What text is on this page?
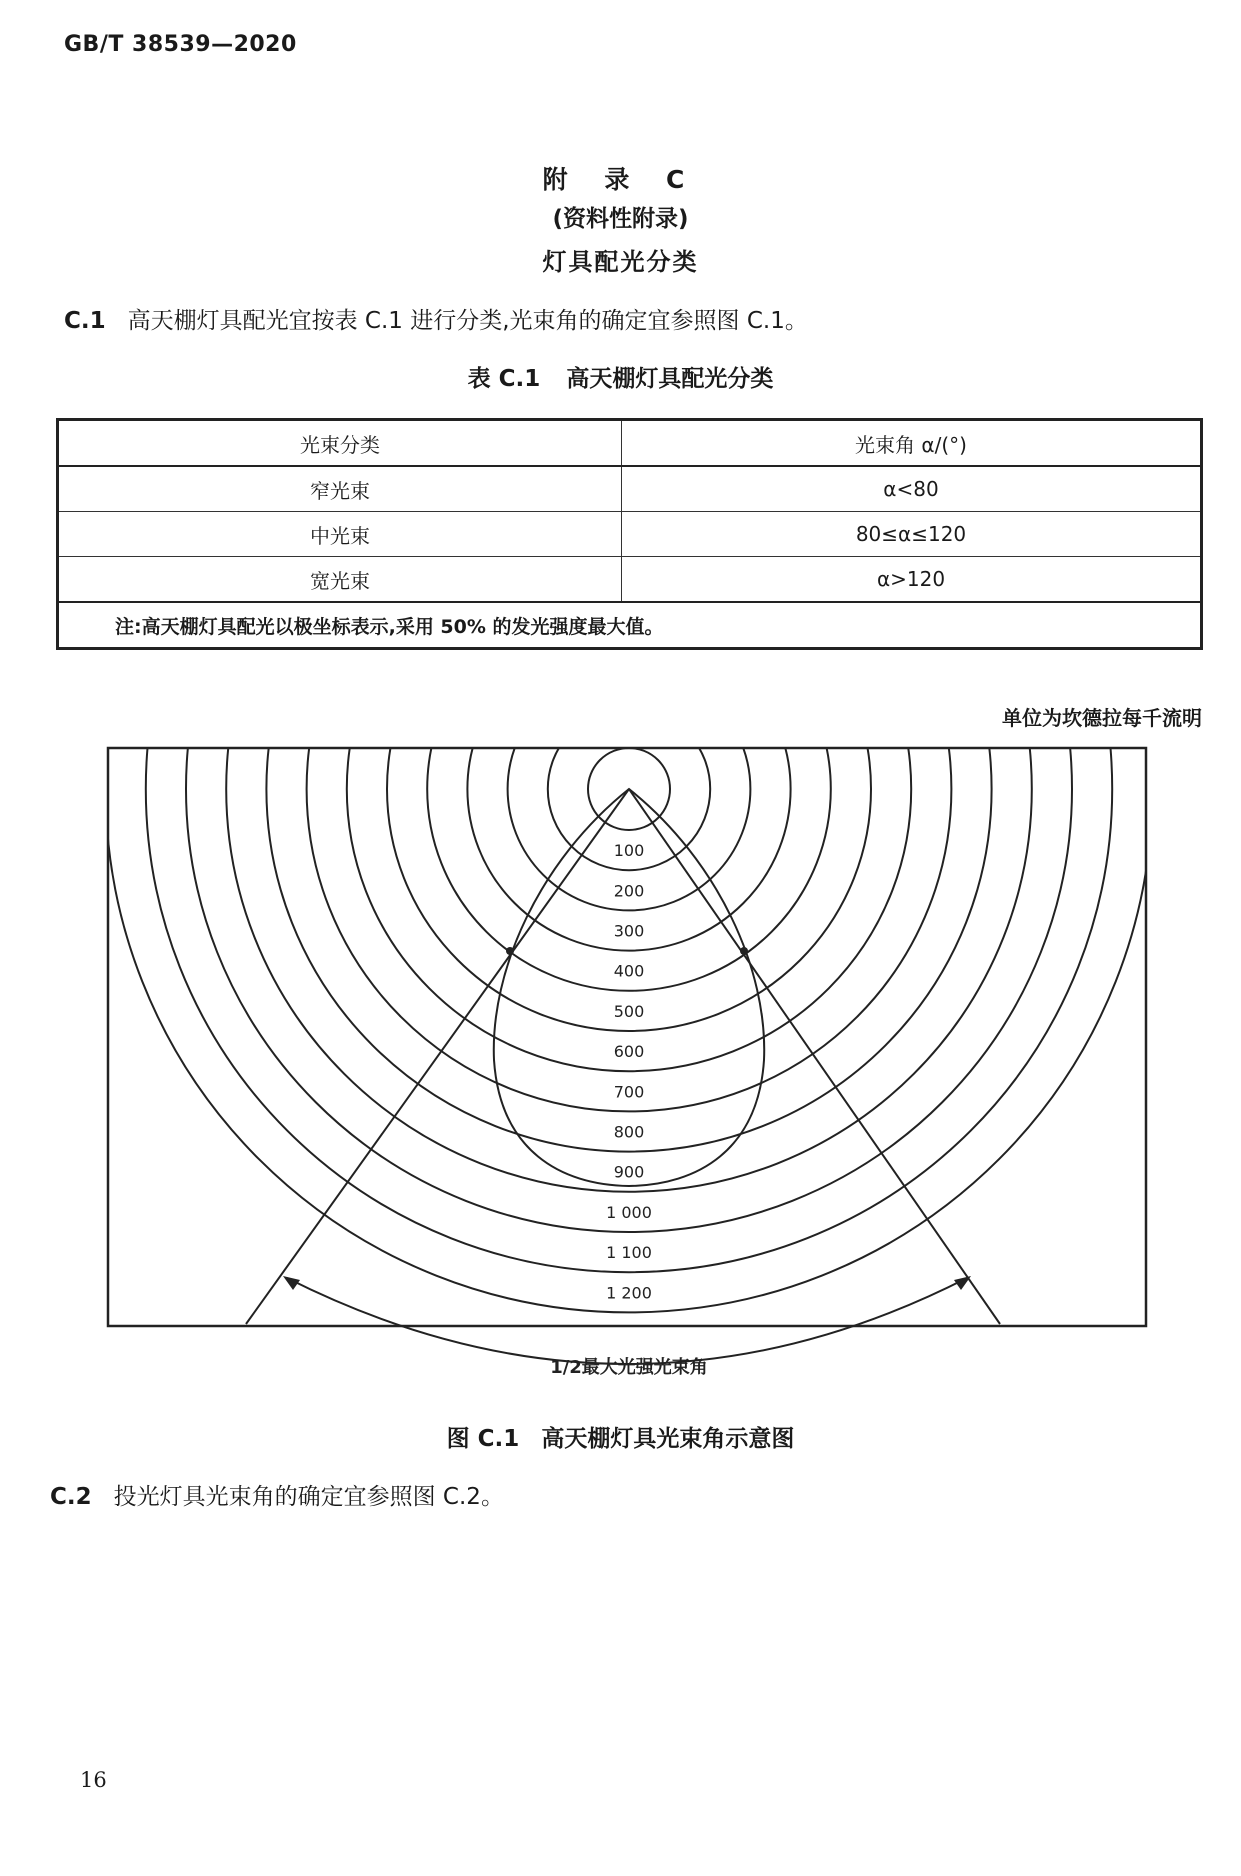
GB/T 38539—2020
附 录 C
(资料性附录)
灯具配光分类
C.1 高天棚灯具配光宜按表 C.1 进行分类,光束角的确定宜参照图 C.1。
表 C.1 高天棚灯具配光分类
光束分类	光束角 α/(°)
窄光束	α<80
中光束	80≤α≤120
宽光束	α>120
注:高天棚灯具配光以极坐标表示,采用 50% 的发光强度最大值。	
单位为坎德拉每千流明
100
200
300
400
500
600
700
800
900
1 000
1 100
1 200
1/2最大光强光束角
图 C.1 高天棚灯具光束角示意图
C.2 投光灯具光束角的确定宜参照图 C.2。
16
